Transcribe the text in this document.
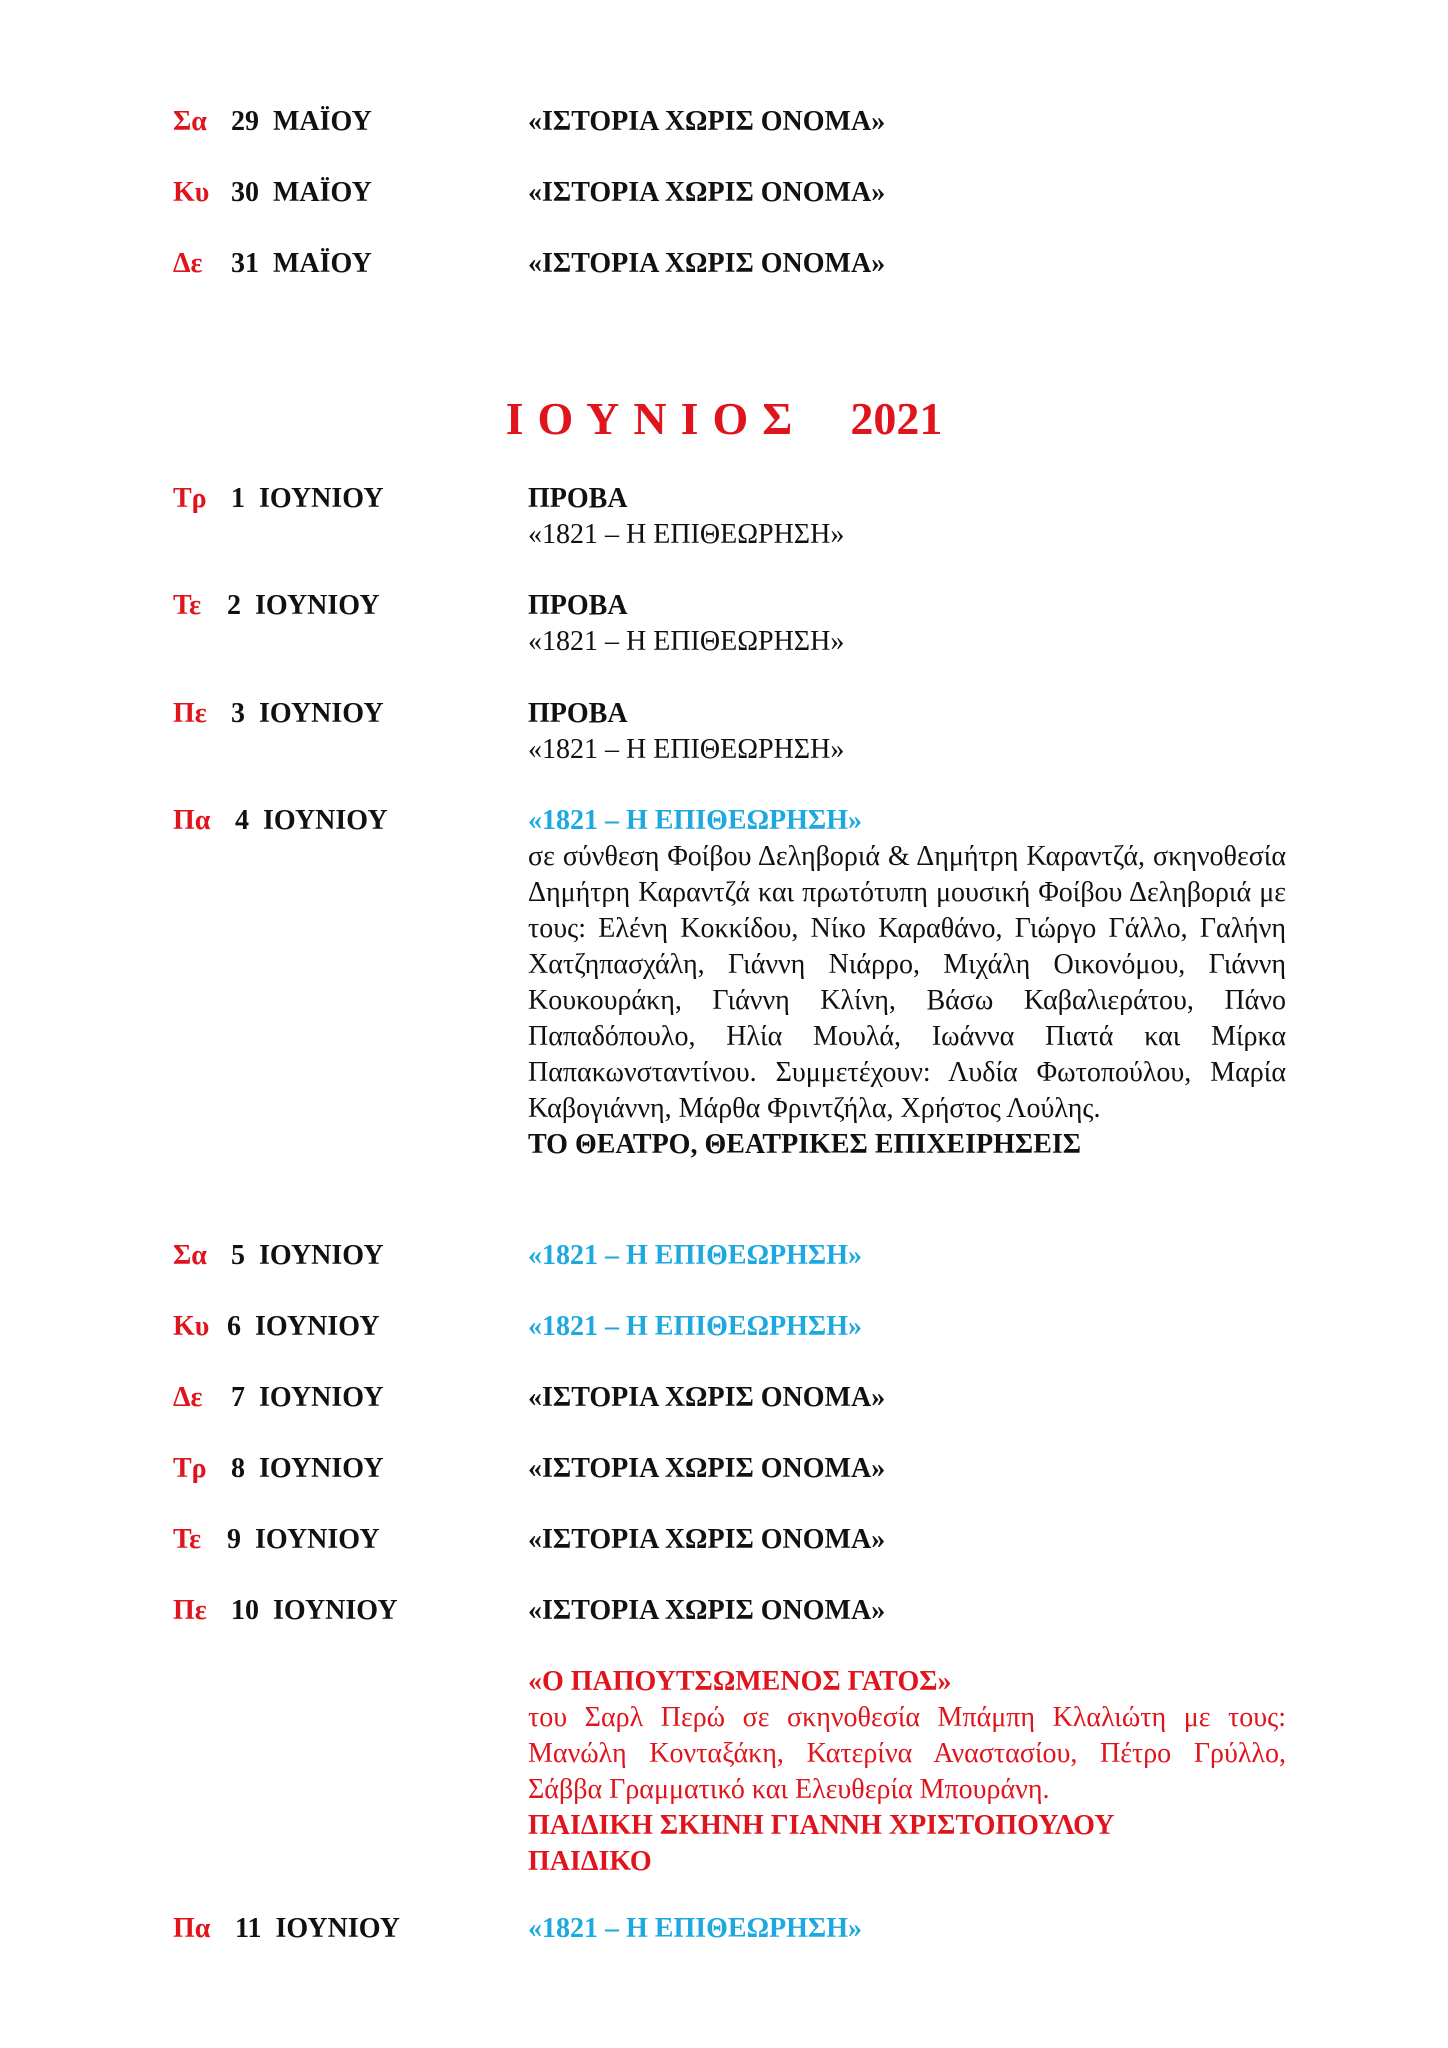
Σα 29  ΜΑΪΟΥ	«ΙΣΤΟΡΙΑ ΧΩΡΙΣ ΟΝΟΜΑ»
Κυ 30  ΜΑΪΟΥ	«ΙΣΤΟΡΙΑ ΧΩΡΙΣ ΟΝΟΜΑ»
Δε 31  ΜΑΪΟΥ	«ΙΣΤΟΡΙΑ ΧΩΡΙΣ ΟΝΟΜΑ»
ΙΟΥΝΙΟΣ 2021
Τρ 1  ΙΟΥΝΙΟΥ	ΠΡΟΒΑ
«1821 – Η ΕΠΙΘΕΩΡΗΣΗ»
Τε 2  ΙΟΥΝΙΟΥ	ΠΡΟΒΑ
«1821 – Η ΕΠΙΘΕΩΡΗΣΗ»
Πε 3  ΙΟΥΝΙΟΥ	ΠΡΟΒΑ
«1821 – Η ΕΠΙΘΕΩΡΗΣΗ»
Πα 4  ΙΟΥΝΙΟΥ	«1821 – Η ΕΠΙΘΕΩΡΗΣΗ»
σε σύνθεση Φοίβου Δεληβοριά & Δημήτρη Καραντζά, σκηνοθεσία Δημήτρη Καραντζά και πρωτότυπη μουσική Φοίβου Δεληβοριά με τους: Ελένη Κοκκίδου, Νίκο Καραθάνο, Γιώργο Γάλλο, Γαλήνη Χατζηπασχάλη, Γιάννη Νιάρρο, Μιχάλη Οικονόμου, Γιάννη Κουκουράκη, Γιάννη Κλίνη, Βάσω Καβαλιεράτου, Πάνο Παπαδόπουλο, Ηλία Μουλά, Ιωάννα Πιατά και Μίρκα Παπακωνσταντίνου. Συμμετέχουν: Λυδία Φωτοπούλου, Μαρία Καβογιάννη, Μάρθα Φριντζήλα, Χρήστος Λούλης.
ΤΟ ΘΕΑΤΡΟ, ΘΕΑΤΡΙΚΕΣ ΕΠΙΧΕΙΡΗΣΕΙΣ
Σα 5  ΙΟΥΝΙΟΥ	«1821 – Η ΕΠΙΘΕΩΡΗΣΗ»
Κυ 6  ΙΟΥΝΙΟΥ	«1821 – Η ΕΠΙΘΕΩΡΗΣΗ»
Δε 7  ΙΟΥΝΙΟΥ	«ΙΣΤΟΡΙΑ ΧΩΡΙΣ ΟΝΟΜΑ»
Τρ 8  ΙΟΥΝΙΟΥ	«ΙΣΤΟΡΙΑ ΧΩΡΙΣ ΟΝΟΜΑ»
Τε 9  ΙΟΥΝΙΟΥ	«ΙΣΤΟΡΙΑ ΧΩΡΙΣ ΟΝΟΜΑ»
Πε 10  ΙΟΥΝΙΟΥ	«ΙΣΤΟΡΙΑ ΧΩΡΙΣ ΟΝΟΜΑ»
«Ο ΠΑΠΟΥΤΣΩΜΕΝΟΣ ΓΑΤΟΣ»
του Σαρλ Περώ σε σκηνοθεσία Μπάμπη Κλαλιώτη με τους: Μανώλη Κονταξάκη, Κατερίνα Αναστασίου, Πέτρο Γρύλλο, Σάββα Γραμματικό και Ελευθερία Μπουράνη.
ΠΑΙΔΙΚΗ ΣΚΗΝΗ ΓΙΑΝΝΗ ΧΡΙΣΤΟΠΟΥΛΟΥ
ΠΑΙΔΙΚΟ
Πα 11  ΙΟΥΝΙΟΥ	«1821 – Η ΕΠΙΘΕΩΡΗΣΗ»
